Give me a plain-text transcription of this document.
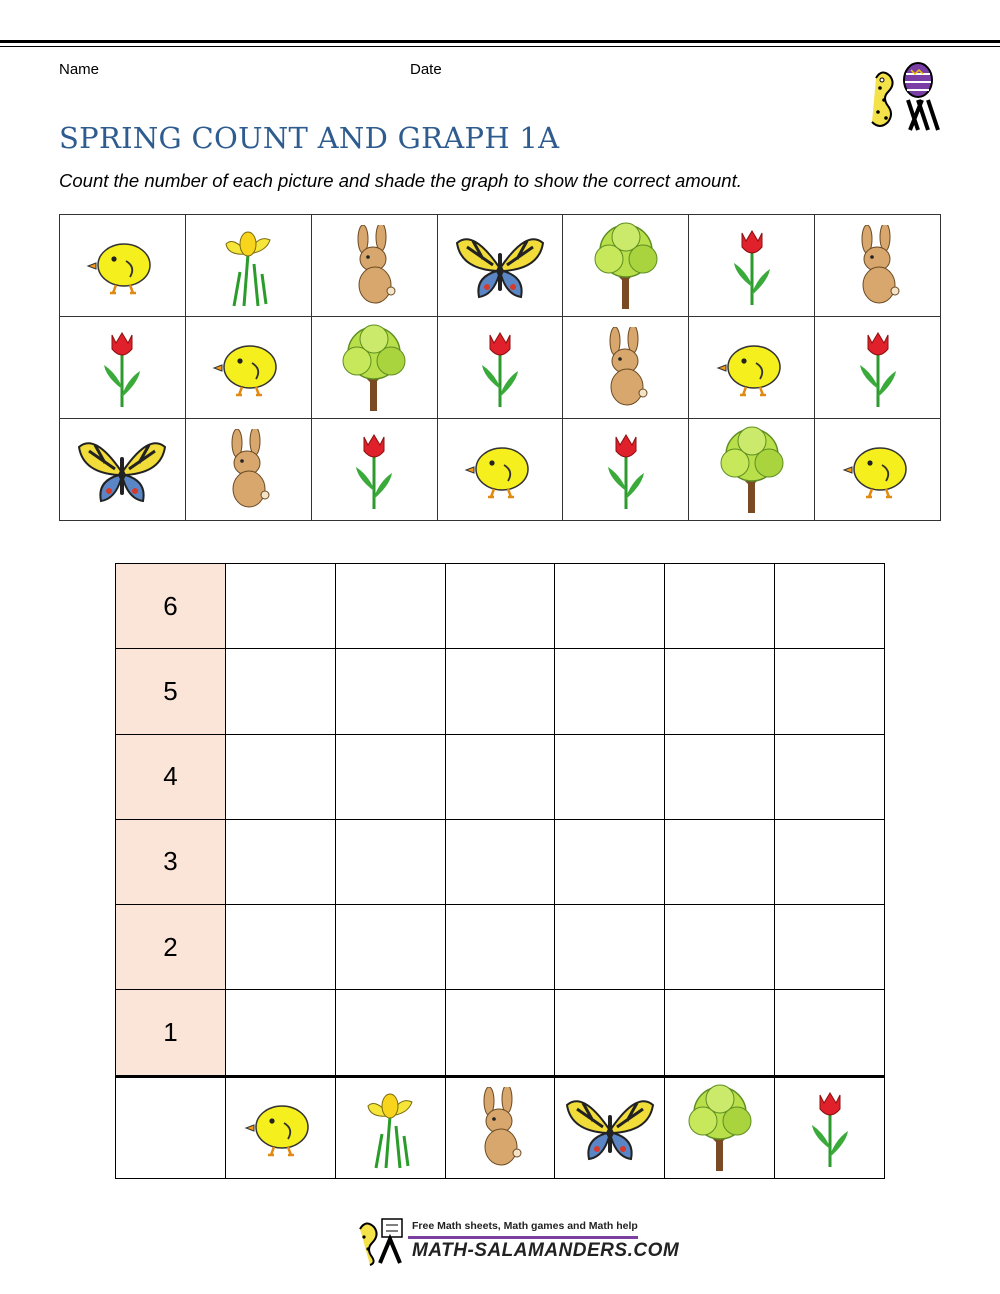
Name	Date
SPRING COUNT AND GRAPH 1A
Count the number of each picture and shade the graph to show the correct amount.

6						
5						
4						
3						
2						
1						

Free Math sheets, Math games and Math help
MATH-SALAMANDERS.COM
